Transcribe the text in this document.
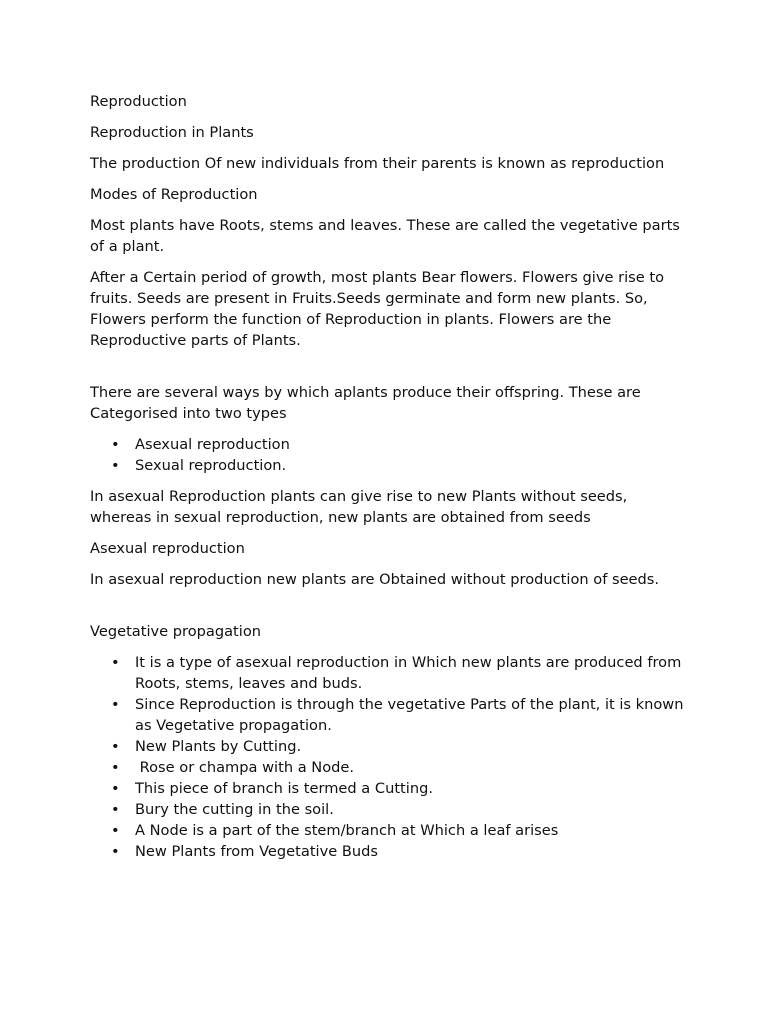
Reproduction

Reproduction in Plants

The production Of new individuals from their parents is known as reproduction

Modes of Reproduction

Most plants have Roots, stems and leaves. These are called the vegetative parts of a plant.

After a Certain period of growth, most plants Bear flowers. Flowers give rise to fruits. Seeds are present in Fruits.Seeds germinate and form new plants. So, Flowers perform the function of Reproduction in plants. Flowers are the Reproductive parts of Plants.

There are several ways by which aplants produce their offspring. These are Categorised into two types

• Asexual reproduction
• Sexual reproduction.

In asexual Reproduction plants can give rise to new Plants without seeds, whereas in sexual reproduction, new plants are obtained from seeds

Asexual reproduction

In asexual reproduction new plants are Obtained without production of seeds.

Vegetative propagation

• It is a type of asexual reproduction in Which new plants are produced from Roots, stems, leaves and buds.
• Since Reproduction is through the vegetative Parts of the plant, it is known as Vegetative propagation.
• New Plants by Cutting.
• Rose or champa with a Node.
• This piece of branch is termed a Cutting.
• Bury the cutting in the soil.
• A Node is a part of the stem/branch at Which a leaf arises
• New Plants from Vegetative Buds
